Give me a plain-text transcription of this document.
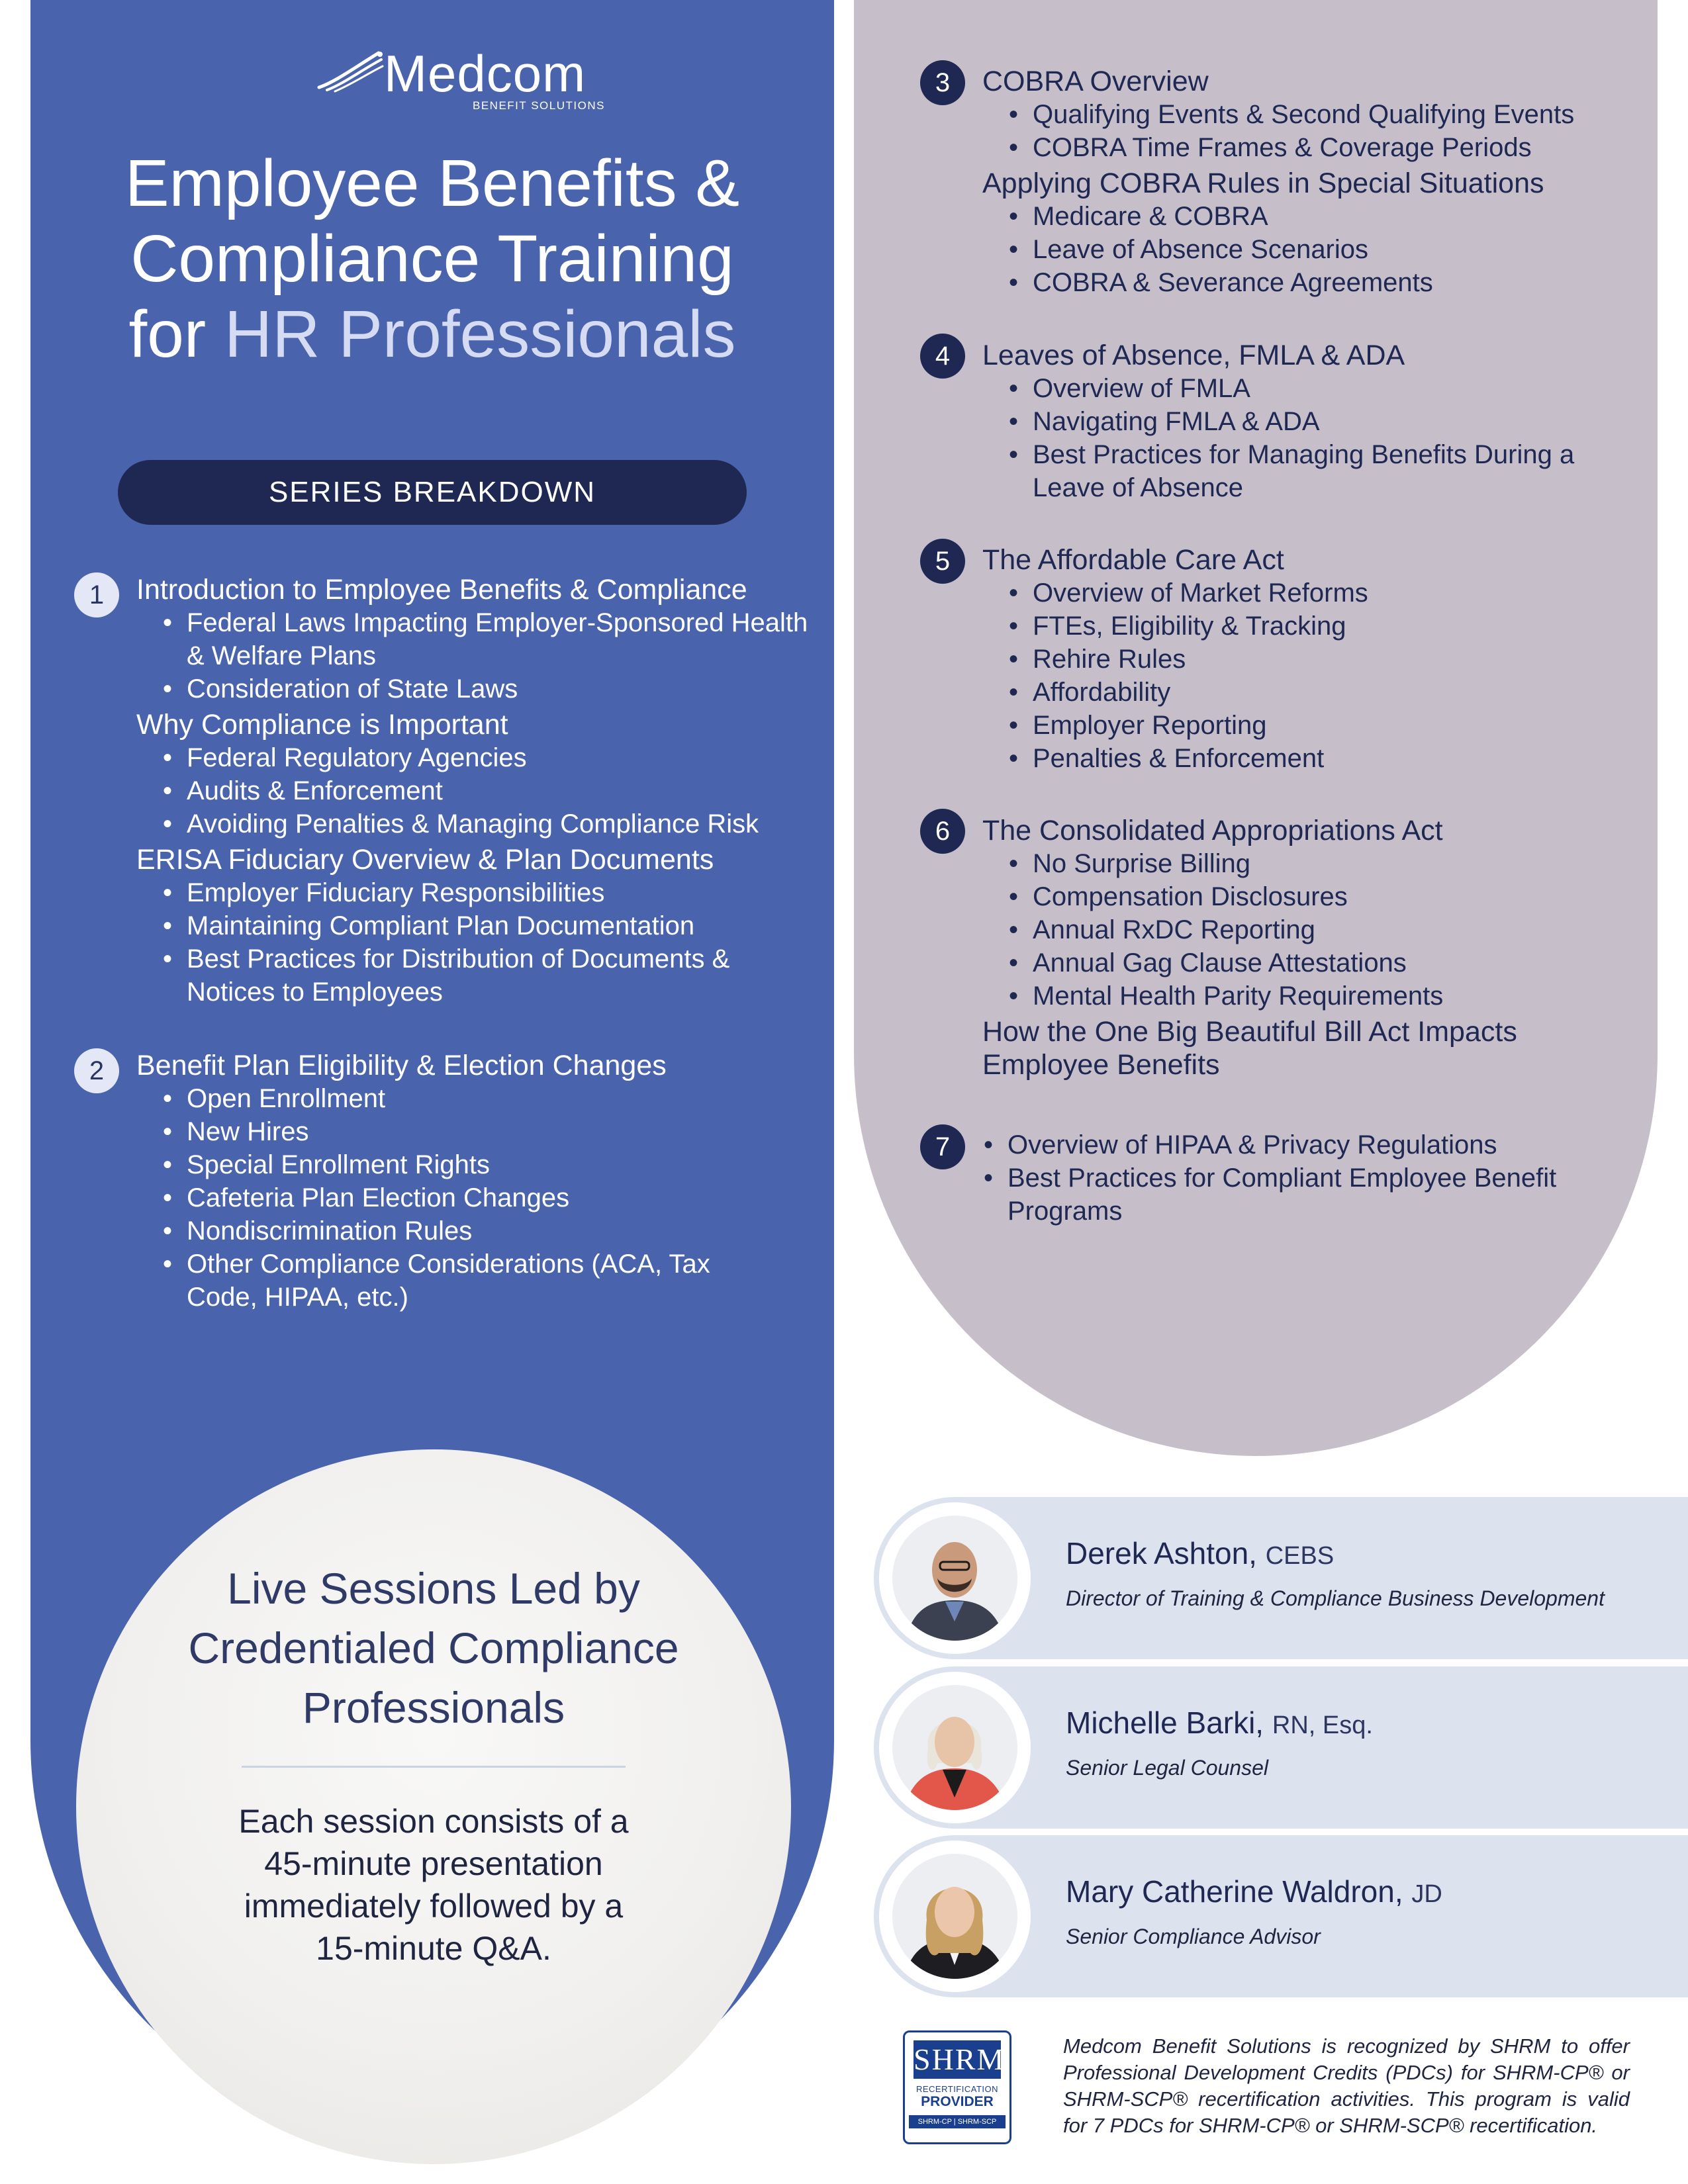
Medcom
BENEFIT SOLUTIONS
Employee Benefits &
Compliance Training
for HR Professionals
SERIES BREAKDOWN
1	Introduction to Employee Benefits & Compliance
• Federal Laws Impacting Employer-Sponsored Health & Welfare Plans
• Consideration of State Laws
Why Compliance is Important
• Federal Regulatory Agencies
• Audits & Enforcement
• Avoiding Penalties & Managing Compliance Risk
ERISA Fiduciary Overview & Plan Documents
• Employer Fiduciary Responsibilities
• Maintaining Compliant Plan Documentation
• Best Practices for Distribution of Documents & Notices to Employees
2	Benefit Plan Eligibility & Election Changes
• Open Enrollment
• New Hires
• Special Enrollment Rights
• Cafeteria Plan Election Changes
• Nondiscrimination Rules
• Other Compliance Considerations (ACA, Tax Code, HIPAA, etc.)
Live Sessions Led by
Credentialed Compliance
Professionals
Each session consists of a
45-minute presentation
immediately followed by a
15-minute Q&A.
3	COBRA Overview
• Qualifying Events & Second Qualifying Events
• COBRA Time Frames & Coverage Periods
Applying COBRA Rules in Special Situations
• Medicare & COBRA
• Leave of Absence Scenarios
• COBRA & Severance Agreements
4	Leaves of Absence, FMLA & ADA
• Overview of FMLA
• Navigating FMLA & ADA
• Best Practices for Managing Benefits During a Leave of Absence
5	The Affordable Care Act
• Overview of Market Reforms
• FTEs, Eligibility & Tracking
• Rehire Rules
• Affordability
• Employer Reporting
• Penalties & Enforcement
6	The Consolidated Appropriations Act
• No Surprise Billing
• Compensation Disclosures
• Annual RxDC Reporting
• Annual Gag Clause Attestations
• Mental Health Parity Requirements
How the One Big Beautiful Bill Act Impacts Employee Benefits
7
•	Overview of HIPAA & Privacy Regulations
• Best Practices for Compliant Employee Benefit Programs
Derek Ashton, CEBS
Director of Training & Compliance Business Development
Michelle Barki, RN, Esq.
Senior Legal Counsel
Mary Catherine Waldron, JD
Senior Compliance Advisor
SHRM
RECERTIFICATION
PROVIDER
SHRM-CP | SHRM-SCP
Medcom Benefit Solutions is recognized by SHRM to offer Professional Development Credits (PDCs) for SHRM-CP® or SHRM-SCP® recertification activities. This program is valid for 7 PDCs for SHRM-CP® or SHRM-SCP® recertification.
